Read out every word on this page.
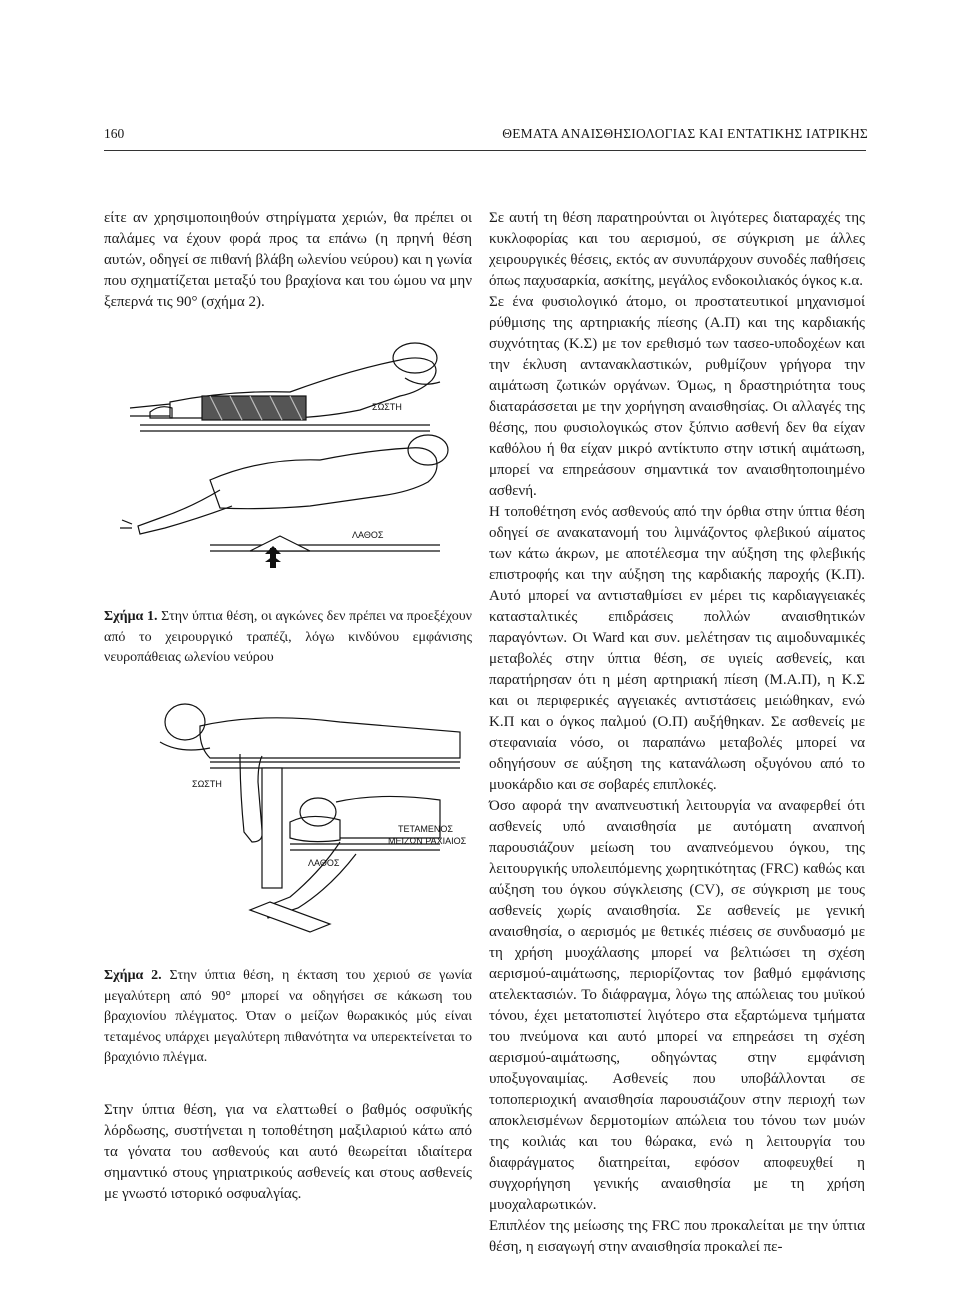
160	ΘΕΜΑΤΑ ΑΝΑΙΣΘΗΣΙΟΛΟΓΙΑΣ ΚΑΙ ΕΝΤΑΤΙΚΗΣ ΙΑΤΡΙΚΗΣ

είτε αν χρησιμοποιηθούν στηρίγματα χεριών, θα πρέπει οι παλάμες να έχουν φορά προς τα επάνω (η πρηνή θέση αυτών, οδηγεί σε πιθανή βλάβη ωλενίου νεύρου) και η γωνία που σχηματίζεται μεταξύ του βραχίονα και του ώμου να μην ξεπερνά τις 90° (σχήμα 2).

ΣΩΣΤΗ
ΛΑΘΟΣ
Σχήμα 1. Στην ύπτια θέση, οι αγκώνες δεν πρέπει να προεξέχουν από το χειρουργικό τραπέζι, λόγω κινδύνου εμφάνισης νευροπάθειας ωλενίου νεύρου
ΣΩΣΤΗ
ΛΑΘΟΣ
ΤΕΤΑΜΕΝΟΣ
ΜΕΙΖΩΝ ΡΑΧΙΑΙΟΣ
Σχήμα 2. Στην ύπτια θέση, η έκταση του χεριού σε γωνία μεγαλύτερη από 90° μπορεί να οδηγήσει σε κάκωση του βραχιονίου πλέγματος. Όταν ο μείζων θωρακικός μύς είναι τεταμένος υπάρχει μεγαλύτερη πιθανότητα να υπερεκτείνεται το βραχιόνιο πλέγμα.

Στην ύπτια θέση, για να ελαττωθεί ο βαθμός οσφυϊκής λόρδωσης, συστήνεται η τοποθέτηση μαξιλαριού κάτω από τα γόνατα του ασθενούς και αυτό θεωρείται ιδιαίτερα σημαντικό στους γηριατρικούς ασθενείς και στους ασθενείς με γνωστό ιστορικό οσφυαλγίας.

Σε αυτή τη θέση παρατηρούνται οι λιγότερες διαταραχές της κυκλοφορίας και του αερισμού, σε σύγκριση με άλλες χειρουργικές θέσεις, εκτός αν συνυπάρχουν συνοδές παθήσεις όπως παχυσαρκία, ασκίτης, μεγάλος ενδοκοιλιακός όγκος κ.α.

Σε ένα φυσιολογικό άτομο, οι προστατευτικοί μηχανισμοί ρύθμισης της αρτηριακής πίεσης (Α.Π) και της καρδιακής συχνότητας (Κ.Σ) με τον ερεθισμό των τασεο-υποδοχέων και την έκλυση αντανακλαστικών, ρυθμίζουν γρήγορα την αιμάτωση ζωτικών οργάνων. Όμως, η δραστηριότητα τους διαταράσσεται με την χορήγηση αναισθησίας. Οι αλλαγές της θέσης, που φυσιολογικώς στον ξύπνιο ασθενή δεν θα είχαν καθόλου ή θα είχαν μικρό αντίκτυπο στην ιστική αιμάτωση, μπορεί να επηρεάσουν σημαντικά τον αναισθητοποιημένο ασθενή.

Η τοποθέτηση ενός ασθενούς από την όρθια στην ύπτια θέση οδηγεί σε ανακατανομή του λιμνάζοντος φλεβικού αίματος των κάτω άκρων, με αποτέλεσμα την αύξηση της φλεβικής επιστροφής και την αύξηση της καρδιακής παροχής (Κ.Π). Αυτό μπορεί να αντισταθμίσει εν μέρει τις καρδιαγγειακές κατασταλτικές επιδράσεις πολλών αναισθητικών παραγόντων. Οι Ward και συν. μελέτησαν τις αιμοδυναμικές μεταβολές στην ύπτια θέση, σε υγιείς ασθενείς, και παρατήρησαν ότι η μέση αρτηριακή πίεση (Μ.Α.Π), η Κ.Σ και οι περιφερικές αγγειακές αντιστάσεις μειώθηκαν, ενώ Κ.Π και ο όγκος παλμού (Ο.Π) αυξήθηκαν. Σε ασθενείς με στεφανιαία νόσο, οι παραπάνω μεταβολές μπορεί να οδηγήσουν σε αύξηση της κατανάλωση οξυγόνου από το μυοκάρδιο και σε σοβαρές επιπλοκές.

Όσο αφορά την αναπνευστική λειτουργία να αναφερθεί ότι ασθενείς υπό αναισθησία με αυτόματη αναπνοή παρουσιάζουν μείωση του αναπνεόμενου όγκου, της λειτουργικής υπολειπόμενης χωρητικότητας (FRC) καθώς και αύξηση του όγκου σύγκλεισης (CV), σε σύγκριση με τους ασθενείς χωρίς αναισθησία. Σε ασθενείς με γενική αναισθησία, ο αερισμός με θετικές πιέσεις σε συνδυασμό με τη χρήση μυοχάλασης μπορεί να βελτιώσει τη σχέση αερισμού-αιμάτωσης, περιορίζοντας τον βαθμό εμφάνισης ατελεκτασιών. Το διάφραγμα, λόγω της απώλειας του μυϊκού τόνου, έχει μετατοπιστεί λιγότερο στα εξαρτώμενα τμήματα του πνεύμονα και αυτό μπορεί να επηρεάσει τη σχέση αερισμού-αιμάτωσης, οδηγώντας στην εμφάνιση υποξυγοναιμίας. Ασθενείς που υποβάλλονται σε τοποπεριοχική αναισθησία παρουσιάζουν στην περιοχή των αποκλεισμένων δερμοτομίων απώλεια του τόνου των μυών της κοιλιάς και του θώρακα, ενώ η λειτουργία του διαφράγματος διατηρείται, εφόσον αποφευχθεί η συγχορήγηση γενικής αναισθησία με τη χρήση μυοχαλαρωτικών.

Επιπλέον της μείωσης της FRC που προκαλείται με την ύπτια θέση, η εισαγωγή στην αναισθησία προκαλεί πε-
